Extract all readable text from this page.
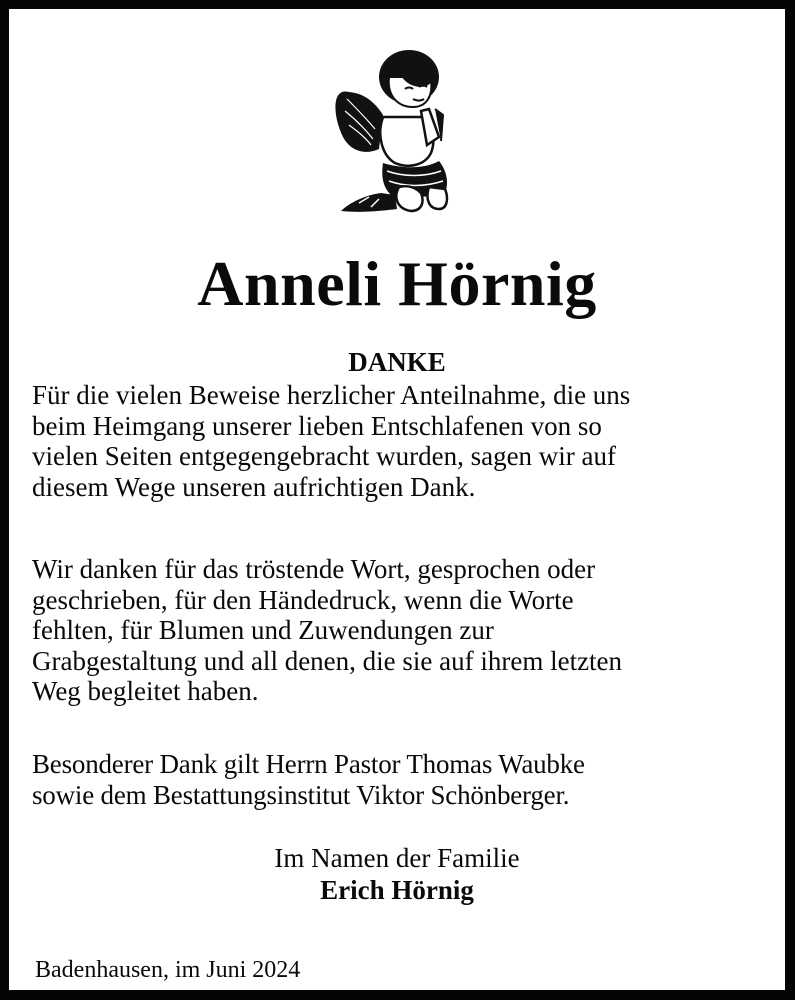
Anneli Hörnig
DANKE

Für die vielen Beweise herzlicher Anteilnahme, die uns
beim Heimgang unserer lieben Entschlafenen von so
vielen Seiten entgegengebracht wurden, sagen wir auf
diesem Wege unseren aufrichtigen Dank.

Wir danken für das tröstende Wort, gesprochen oder
geschrieben, für den Händedruck, wenn die Worte
fehlten, für Blumen und Zuwendungen zur
Grabgestaltung und all denen, die sie auf ihrem letzten
Weg begleitet haben.

Besonderer Dank gilt Herrn Pastor Thomas Waubke
sowie dem Bestattungsinstitut Viktor Schönberger.

Im Namen der Familie
Erich Hörnig
Badenhausen, im Juni 2024
